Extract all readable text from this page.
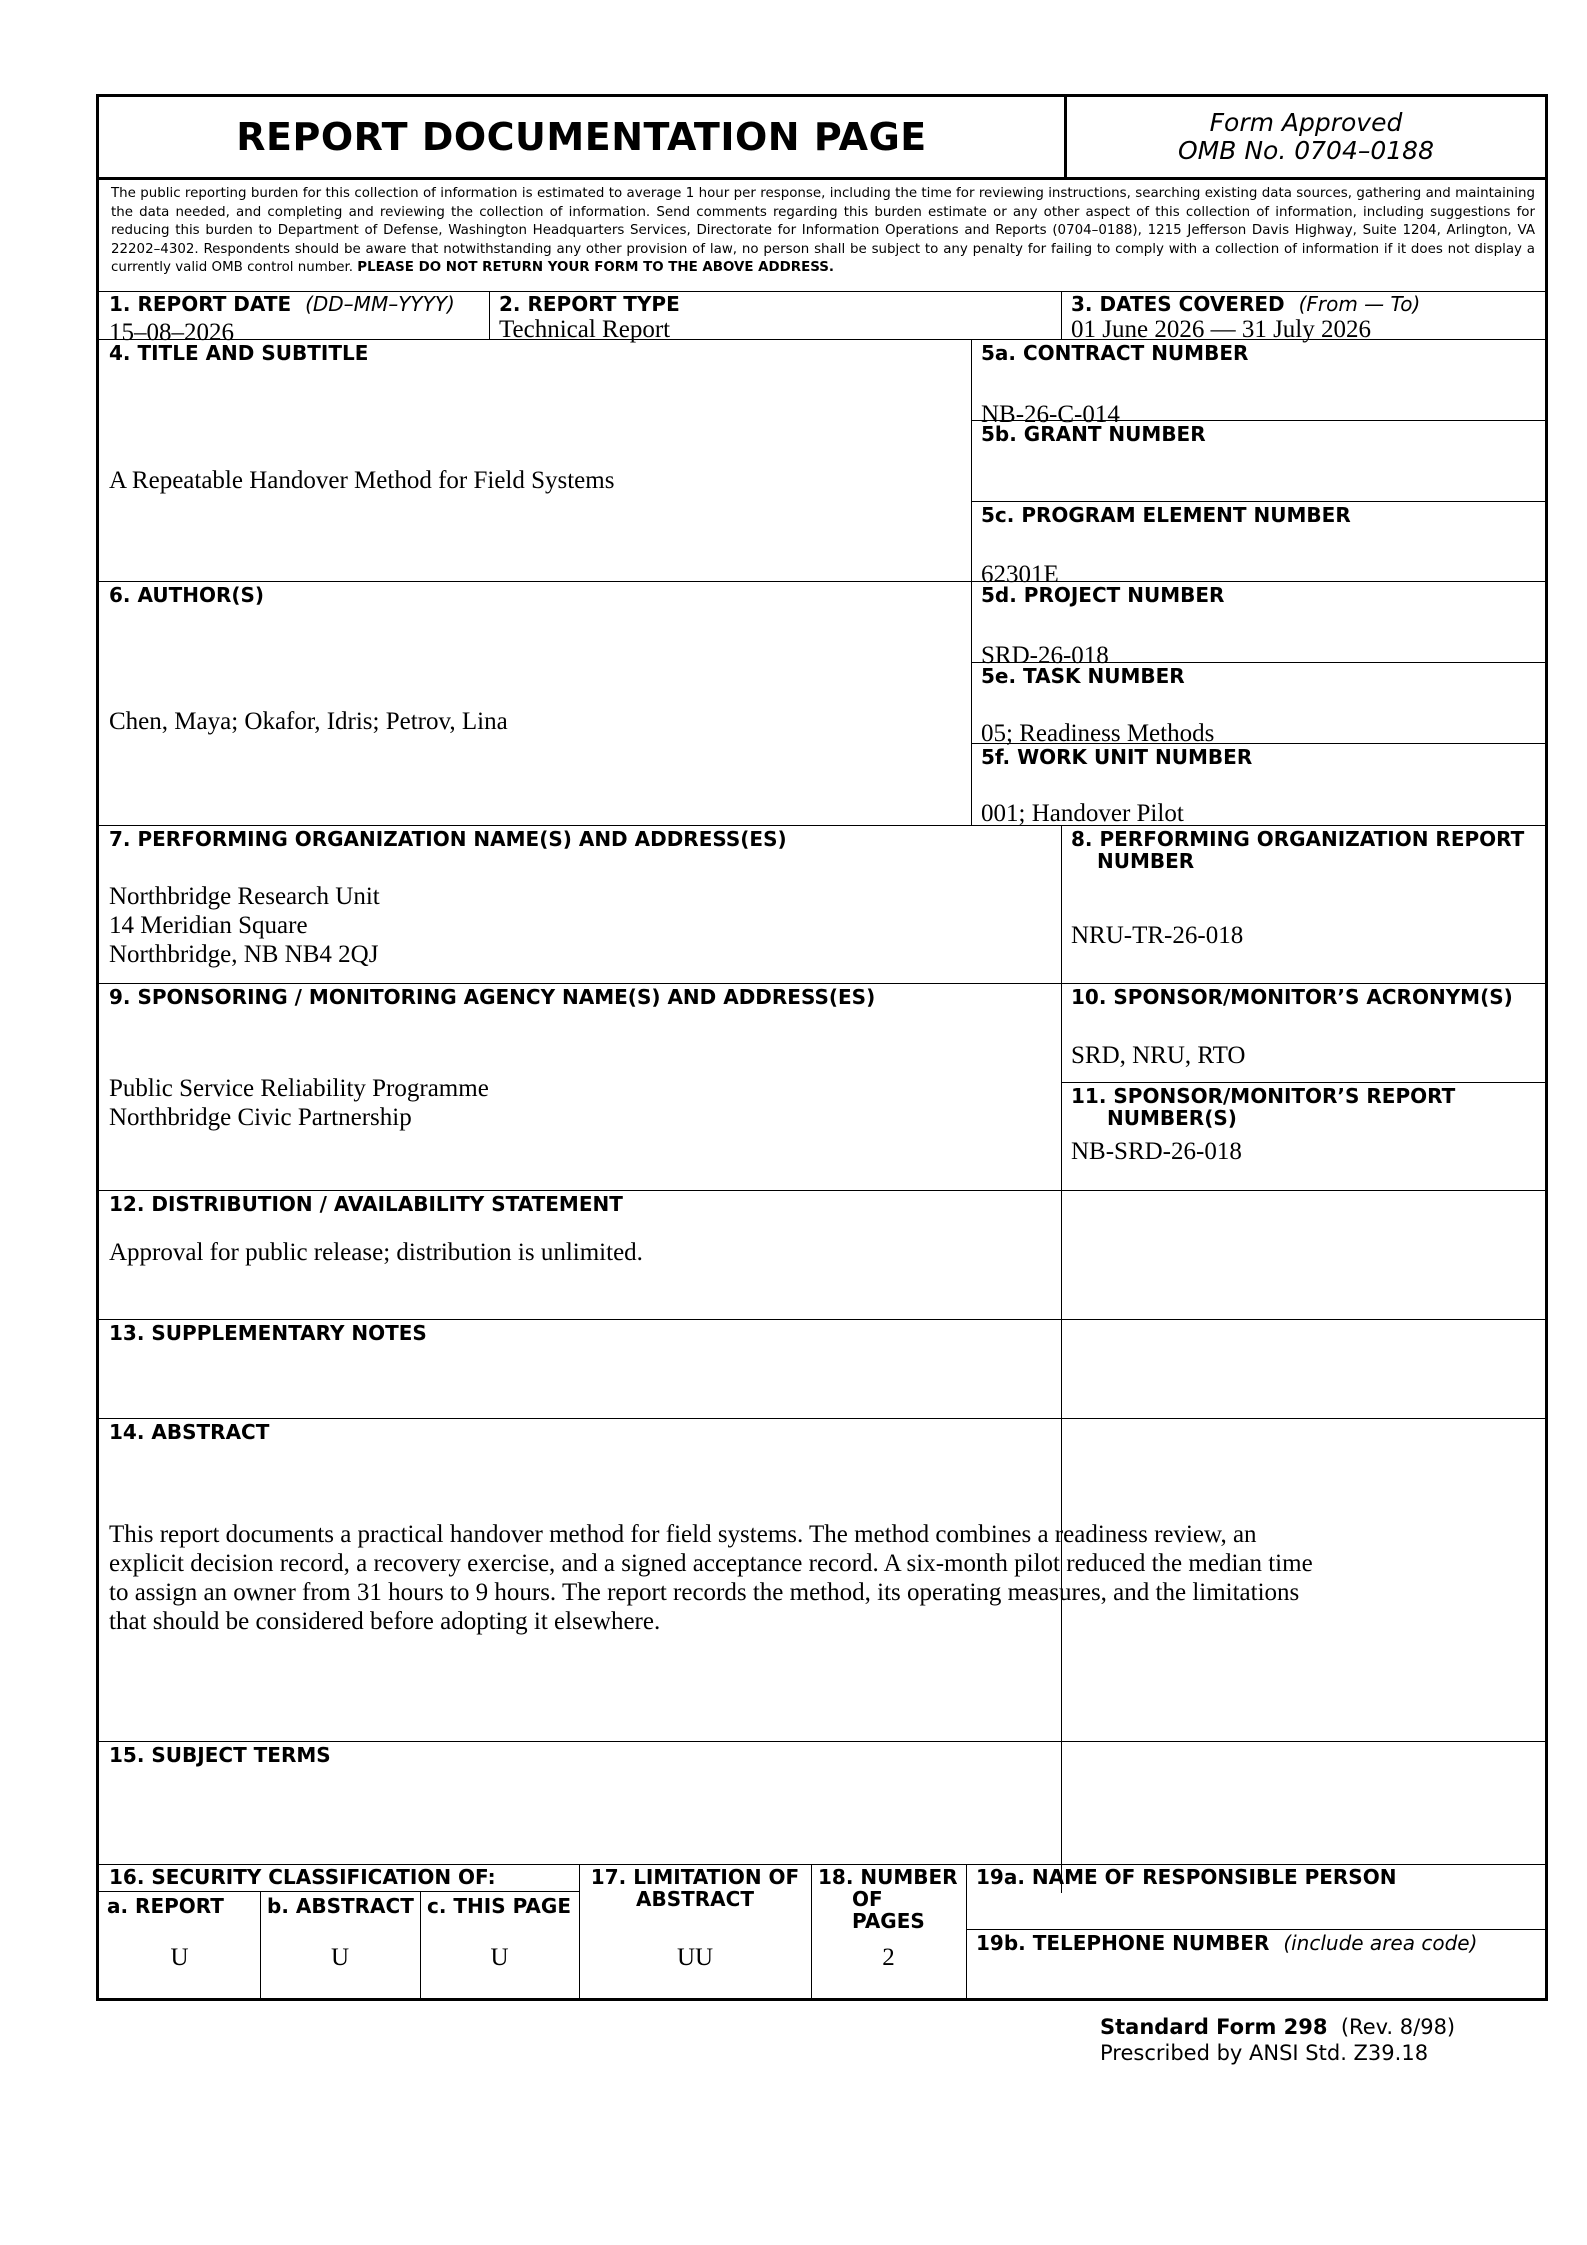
REPORT DOCUMENTATION PAGE	Form Approved
OMB No. 0704–0188
The public reporting burden for this collection of information is estimated to average 1 hour per response, including the time for reviewing instructions, searching existing data sources, gathering and maintaining the data needed, and completing and reviewing the collection of information. Send comments regarding this burden estimate or any other aspect of this collection of information, including suggestions for reducing this burden to Department of Defense, Washington Headquarters Services, Directorate for Information Operations and Reports (0704–0188), 1215 Jefferson Davis Highway, Suite 1204, Arlington, VA 22202–4302. Respondents should be aware that notwithstanding any other provision of law, no person shall be subject to any penalty for failing to comply with a collection of information if it does not display a currently valid OMB control number. PLEASE DO NOT RETURN YOUR FORM TO THE ABOVE ADDRESS.
1. REPORT DATE (DD–MM–YYYY)
15–08–2026
2. REPORT TYPE
Technical Report
3. DATES COVERED (From — To)
01 June 2026 — 31 July 2026
4. TITLE AND SUBTITLE
A Repeatable Handover Method for Field Systems
5a. CONTRACT NUMBER
NB-26-C-014
5b. GRANT NUMBER
5c. PROGRAM ELEMENT NUMBER
62301E
6. AUTHOR(S)
Chen, Maya; Okafor, Idris; Petrov, Lina
5d. PROJECT NUMBER
SRD-26-018
5e. TASK NUMBER
05; Readiness Methods
5f. WORK UNIT NUMBER
001; Handover Pilot
7. PERFORMING ORGANIZATION NAME(S) AND ADDRESS(ES)
Northbridge Research Unit
14 Meridian Square
Northbridge, NB NB4 2QJ
8. PERFORMING ORGANIZATION REPORT
NUMBER
NRU-TR-26-018
9. SPONSORING / MONITORING AGENCY NAME(S) AND ADDRESS(ES)
Public Service Reliability Programme
Northbridge Civic Partnership
10. SPONSOR/MONITOR’S ACRONYM(S)
SRD, NRU, RTO
11. SPONSOR/MONITOR’S REPORT
NUMBER(S)
NB-SRD-26-018
12. DISTRIBUTION / AVAILABILITY STATEMENT
Approval for public release; distribution is unlimited.
13. SUPPLEMENTARY NOTES
14. ABSTRACT
This report documents a practical handover method for field systems. The method combines a readiness review, an
explicit decision record, a recovery exercise, and a signed acceptance record. A six-month pilot reduced the median time
to assign an owner from 31 hours to 9 hours. The report records the method, its operating measures, and the limitations
that should be considered before adopting it elsewhere.
15. SUBJECT TERMS
16. SECURITY CLASSIFICATION OF:
a. REPORT b. ABSTRACT c. THIS PAGE
U	U	U
17. LIMITATION OF
ABSTRACT
UU
18. NUMBER
OF
PAGES
2
19a. NAME OF RESPONSIBLE PERSON
19b. TELEPHONE NUMBER (include area code)
Standard Form 298 (Rev. 8/98)
Prescribed by ANSI Std. Z39.18
